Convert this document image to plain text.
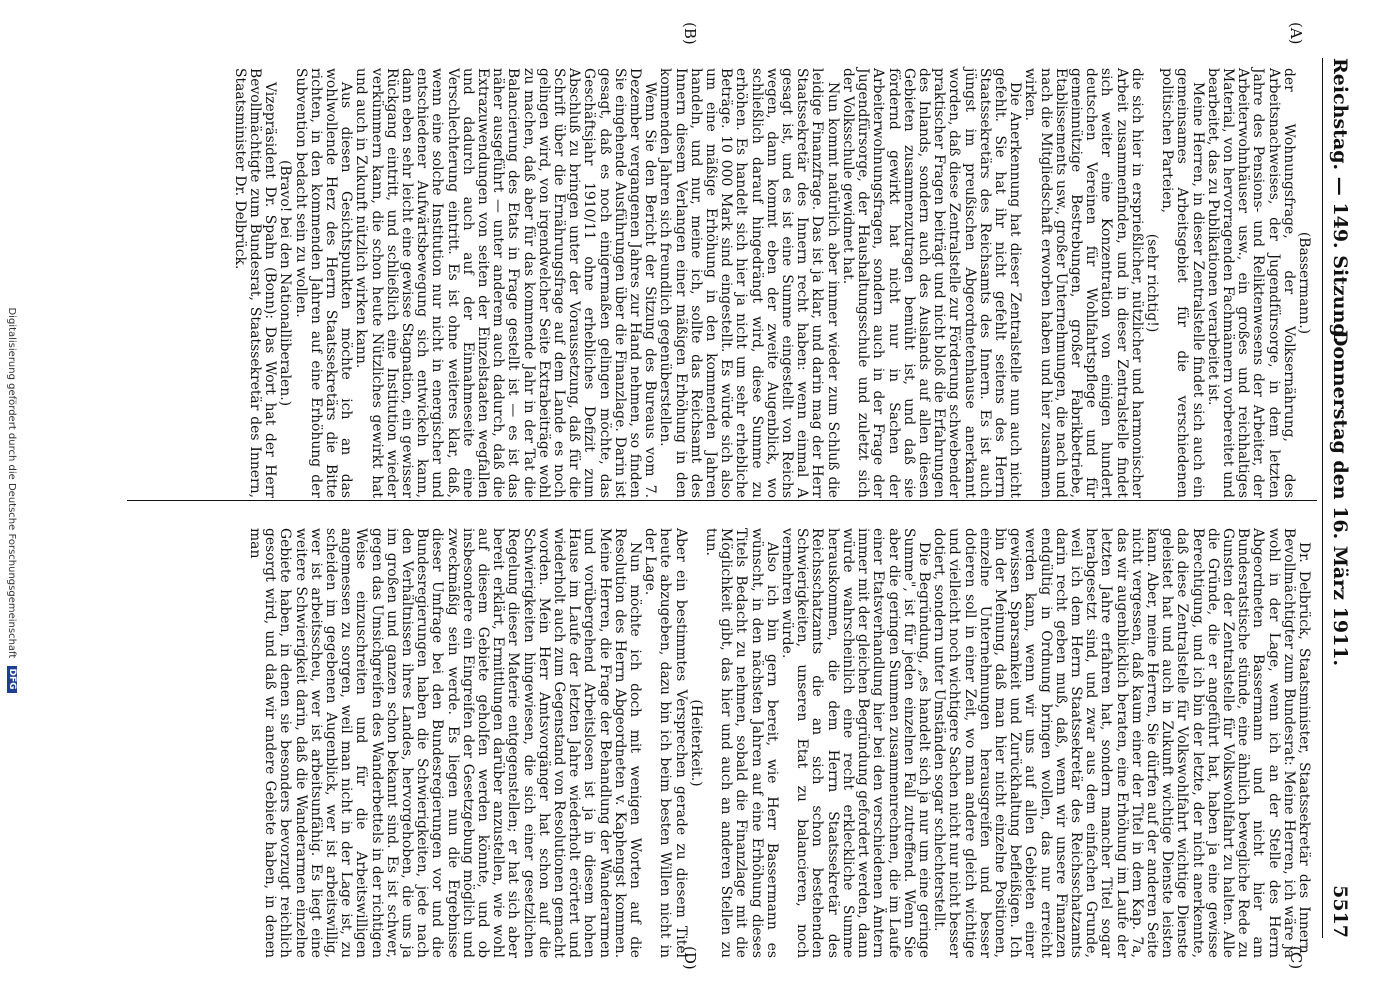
Reichstag. — 149. Sitzung.
Donnerstag den 16. März 1911.
5517
(A)
(B)
(C)
(D)

(Bassermann.)

der Wohnungsfrage, der Volksernährung, des Arbeitsnachweises, der Jugendfürsorge, in dem letzten Jahre des Pensions- und Reliktenwesens der Arbeiter, der Arbeiterwohnhäuser usw., ein großes und reichhaltiges Material, von hervorragenden Fachmännern vorbereitet und bearbeitet, das zu Publikationen verarbeitet ist.

Meine Herren, in dieser Zentralstelle findet sich auch ein gemeinsames Arbeitsgebiet für die verschiedenen politischen Parteien,

(sehr richtig!)

die sich hier in ersprießlicher, nützlicher und harmonischer Arbeit zusammenfinden, und in dieser Zentralstelle findet sich weiter eine Konzentration von einigen hundert deutschen Vereinen für Wohlfahrtspflege und für gemeinnützige Bestrebungen, großer Fabrikbetriebe, Etablissements usw., großer Unternehmungen, die nach und nach die Mitgliedschaft erworben haben und hier zusammen wirken.

Die Anerkennung hat dieser Zentralstelle nun auch nicht gefehlt. Sie hat ihr nicht gefehlt seitens des Herrn Staatssekretärs des Reichsamts des Innern. Es ist auch jüngst im preußischen Abgeordnetenhause anerkannt worden, daß diese Zentralstelle zur Förderung schwebender praktischer Fragen beiträgt und nicht bloß die Erfahrungen des Inlands, sondern auch des Auslands auf allen diesen Gebieten zusammenzutragen bemüht ist, und daß sie fördernd gewirkt hat nicht nur in Sachen der Arbeiterwohnungsfragen, sondern auch in der Frage der Jugendfürsorge, der Haushaltungsschule und zuletzt sich der Volksschule gewidmet hat.

Nun kommt natürlich aber immer wieder zum Schluß die leidige Finanzfrage. Das ist ja klar, und darin mag der Herr Staatssekretär des Innern recht haben: wenn einmal A gesagt ist, und es ist eine Summe eingestellt von Reichs wegen, dann kommt eben der zweite Augenblick, wo schließlich darauf hingedrängt wird, diese Summe zu erhöhen. Es handelt sich hier ja nicht um sehr erhebliche Beträge. 10 000 Mark sind eingestellt. Es würde sich also um eine mäßige Erhöhung in den kommenden Jahren handeln, und nur, meine ich, sollte das Reichsamt des Innern diesem Verlangen einer mäßigen Erhöhung in den kommenden Jahren sich freundlich gegenüberstellen.

Wenn Sie den Bericht der Sitzung des Bureaus vom 7. Dezember vergangenen Jahres zur Hand nehmen, so finden Sie eingehende Ausführungen über die Finanzlage. Darin ist gesagt, daß es noch einigermaßen gelingen möchte, das Geschäftsjahr 1910/11 ohne erhebliches Defizit zum Abschluß zu bringen unter der Voraussetzung, daß für die Schrift über die Ernährungsfrage auf dem Lande es noch gelingen wird, von irgendwelcher Seite Extrabeiträge wohl zu machen, daß aber für das kommende Jahr in der Tat die Balancierung des Etats in Frage gestellt ist — es ist das näher ausgeführt — unter anderem auch dadurch, daß die Extrazuwendungen von seiten der Einzelstaaten wegfallen und dadurch auch auf der Einnahmeseite eine Verschlechterung eintritt. Es ist ohne weiteres klar, daß, wenn eine solche Institution nur nicht in energischer und entschiedener Aufwärtsbewegung sich entwickeln kann, dann eben sehr leicht eine gewisse Stagnation, ein gewisser Rückgang eintritt, und schließlich eine Institution wieder verkümmern kann, die schon heute Nützliches gewirkt hat und auch in Zukunft nützlich wirken kann.

Aus diesen Gesichtspunkten möchte ich an das wohlwollende Herz des Herrn Staatssekretärs die Bitte richten, in den kommenden Jahren auf eine Erhöhung der Subvention bedacht sein zu wollen.

(Bravo! bei den Nationalliberalen.)

Vizepräsident Dr. Spahn (Bonn): Das Wort hat der Herr Bevollmächtigte zum Bundesrat, Staatssekretär des Innern, Staatsminister Dr. Delbrück.

Dr. Delbrück, Staatsminister, Staatssekretär des Innern, Bevollmächtigter zum Bundesrat: Meine Herren, ich wäre ja wohl in der Lage, wenn ich an der Stelle des Herrn Abgeordneten Bassermann und nicht hier am Bundesratstische stünde, eine ähnlich bewegliche Rede zu Gunsten der Zentralstelle für Volkswohlfahrt zu halten. Alle die Gründe, die er angeführt hat, haben ja eine gewisse Berechtigung, und ich bin der letzte, der nicht anerkennte, daß diese Zentralstelle für Volkswohlfahrt wichtige Dienste geleistet hat und auch in Zukunft wichtige Dienste leisten kann. Aber, meine Herren, Sie dürfen auf der anderen Seite nicht vergessen, daß kaum einer der Titel in dem Kap. 7a, das wir augenblicklich beraten, eine Erhöhung im Laufe der letzten Jahre erfahren hat, sondern mancher Titel sogar herabgesetzt sind, und zwar aus dem einfachen Grunde, weil ich dem Herrn Staatssekretär des Reichsschatzamts darin recht geben muß, daß, wenn wir unsere Finanzen endgültig in Ordnung bringen wollen, das nur erreicht werden kann, wenn wir uns auf allen Gebieten einer gewissen Sparsamkeit und Zurückhaltung befleißigen. Ich bin der Meinung, daß man hier nicht einzelne Positionen, einzelne Unternehmungen herausgreifen und besser dotieren soll in einer Zeit, wo man andere gleich wichtige und vielleicht noch wichtigere Sachen nicht nur nicht besser dotiert, sondern unter Umständen sogar schlechterstellt.

Die Begründung, „es handelt sich ja nur um eine geringe Summe", ist für jeden einzelnen Fall zutreffend. Wenn Sie aber die geringen Summen zusammenrechnen, die im Laufe einer Etatsverhandlung hier bei den verschiedenen Ämtern immer mit der gleichen Begründung gefordert werden, dann würde wahrscheinlich eine recht erkleckliche Summe herauskommen, die dem Herrn Staatssekretär des Reichsschatzamts die an sich schon bestehenden Schwierigkeiten, unseren Etat zu balancieren, noch vermehren würde.

Also ich bin gern bereit, wie Herr Bassermann es wünscht, in den nächsten Jahren auf eine Erhöhung dieses Titels Bedacht zu nehmen, sobald die Finanzlage mit die Möglichkeit gibt, das hier und auch an anderen Stellen zu tun.

(Heiterkeit.)

Aber ein bestimmtes Versprechen gerade zu diesem Titel heute abzugeben, dazu bin ich beim besten Willen nicht in der Lage.

Nun möchte ich doch mit wenigen Worten auf die Resolution des Herrn Abgeordneten v. Kaphengst kommen. Meine Herren, die Frage der Behandlung der Wanderarmen und vorübergehend Arbeitslosen ist ja in diesem hohen Hause im Laufe der letzten Jahre wiederholt erörtert und wiederholt auch zum Gegenstand von Resolutionen gemacht worden. Mein Herr Amtsvorgänger hat schon auf die Schwierigkeiten hingewiesen, die sich einer gesetzlichen Regelung dieser Materie entgegenstellen; er hat sich aber bereit erklärt, Ermittlungen darüber anzustellen, wie wohl auf diesem Gebiete geholfen werden könnte, und ob insbesondere ein Eingreifen der Gesetzgebung möglich und zweckmäßig sein werde. Es liegen nun die Ergebnisse dieser Umfrage bei den Bundesregierungen vor und die Bundesregierungen haben die Schwierigkeiten, jede nach den Verhältnissen ihres Landes, hervorgehoben, die uns ja im großen und ganzen schon bekannt sind. Es ist schwer, gegen das Umsichgreifen des Wanderbettels in der richtigen Weise einzuschreiten und für die Arbeitswilligen angemessen zu sorgen, weil man nicht in der Lage ist, zu scheiden im gegebenen Augenblick, wer ist arbeitswillig, wer ist arbeitsscheu, wer ist arbeitsunfähig. Es liegt eine weitere Schwierigkeit darin, daß die Wanderarmen einzelne Gebiete haben, in denen sie besonders bevorzugt reichlich gesorgt wird, und daß wir andere Gebiete haben, in denen man

Digitalisierung gefördert durch die Deutsche Forschungsgemeinschaft DFG
